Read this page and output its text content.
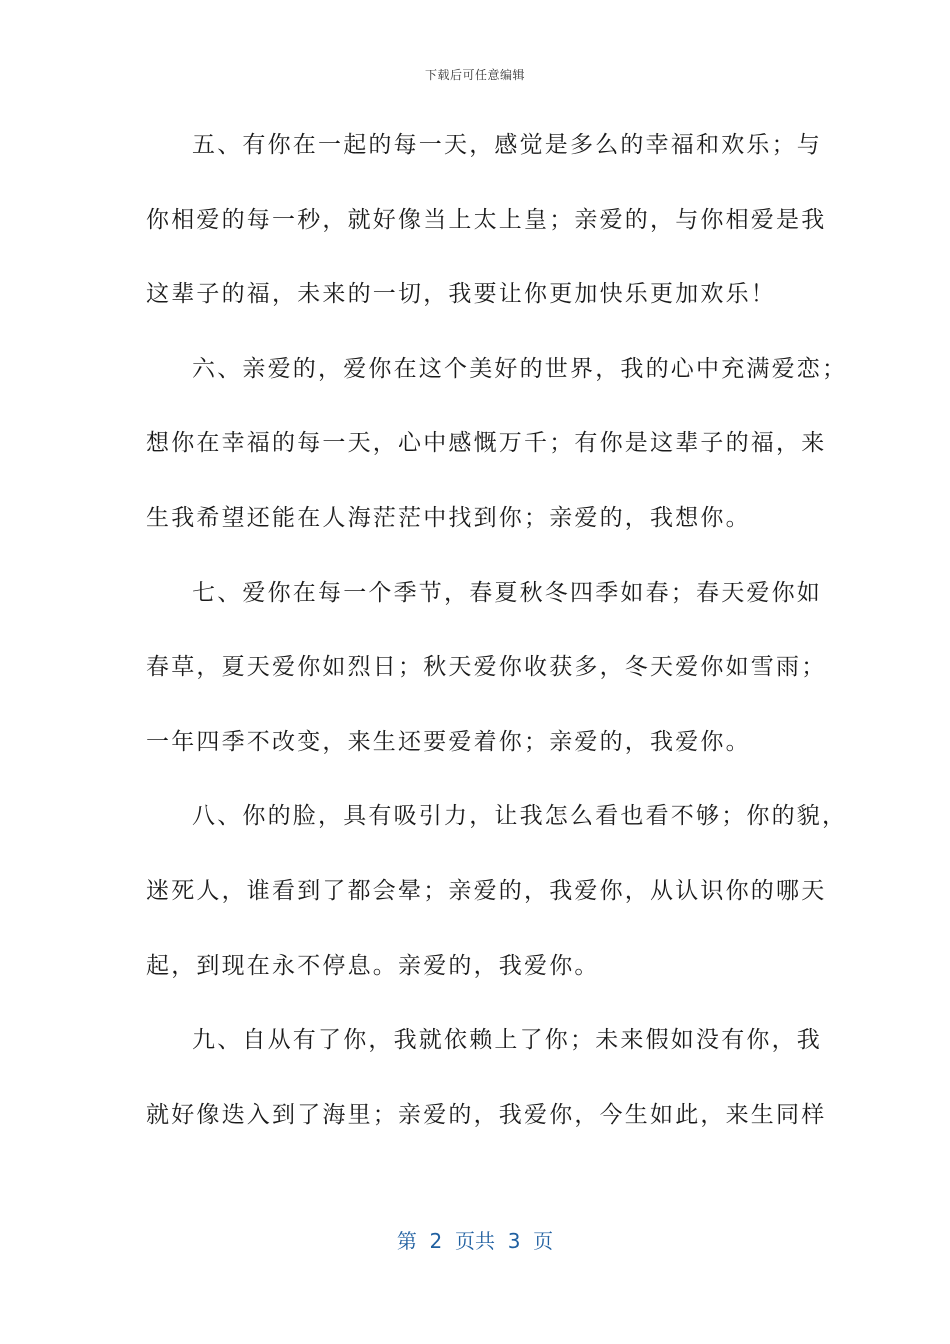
下载后可任意编辑
五、有你在一起的每一天，感觉是多么的幸福和欢乐；与
你相爱的每一秒，就好像当上太上皇；亲爱的，与你相爱是我
这辈子的福，未来的一切，我要让你更加快乐更加欢乐！
六、亲爱的，爱你在这个美好的世界，我的心中充满爱恋；
想你在幸福的每一天，心中感慨万千；有你是这辈子的福，来
生我希望还能在人海茫茫中找到你；亲爱的，我想你。
七、爱你在每一个季节，春夏秋冬四季如春；春天爱你如
春草，夏天爱你如烈日；秋天爱你收获多，冬天爱你如雪雨；
一年四季不改变，来生还要爱着你；亲爱的，我爱你。
八、你的脸，具有吸引力，让我怎么看也看不够；你的貌，
迷死人，谁看到了都会晕；亲爱的，我爱你，从认识你的哪天
起，到现在永不停息。亲爱的，我爱你。
九、自从有了你，我就依赖上了你；未来假如没有你，我
就好像迭入到了海里；亲爱的，我爱你，今生如此，来生同样
第  2  页共  3  页
